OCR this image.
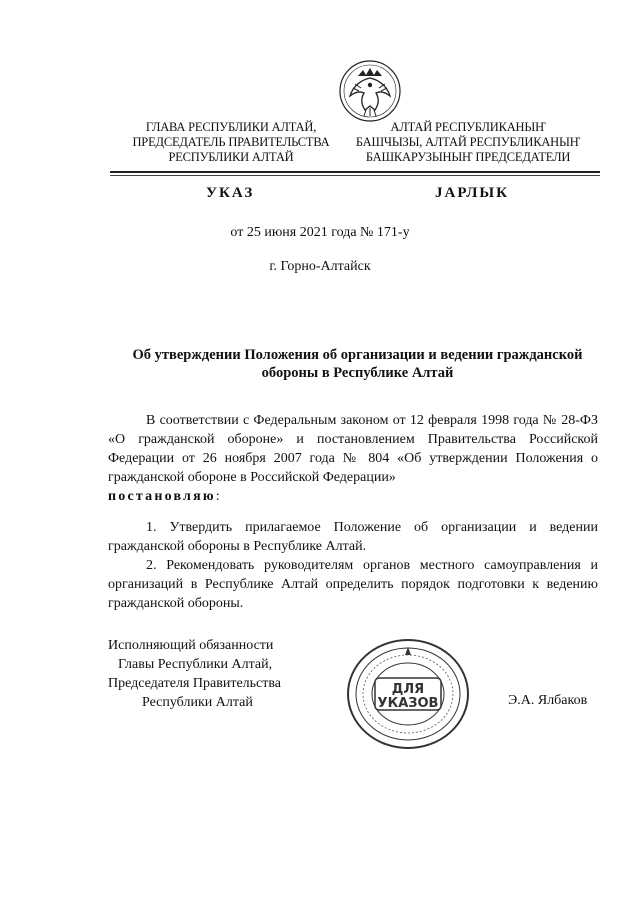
ГЛАВА РЕСПУБЛИКИ АЛТАЙ,
ПРЕДСЕДАТЕЛЬ ПРАВИТЕЛЬСТВА
РЕСПУБЛИКИ АЛТАЙ
АЛТАЙ РЕСПУБЛИКАНЫҤ
БАШЧЫЗЫ, АЛТАЙ РЕСПУБЛИКАНЫҤ
БАШКАРУЗЫНЫҤ ПРЕДСЕДАТЕЛИ
УКАЗ	ЈАРЛЫК
от 25 июня 2021 года № 171-у
г. Горно-Алтайск
Об утверждении Положения об организации и ведении гражданской
обороны в Республике Алтай
В соответствии с Федеральным законом от 12 февраля 1998 года № 28-ФЗ «О гражданской обороне» и постановлением Правительства Российской Федерации от 26 ноября 2007 года № 804 «Об утверждении Положения о гражданской обороне в Российской Федерации»
постановляю:

1. Утвердить прилагаемое Положение об организации и ведении гражданской обороны в Республике Алтай.

2. Рекомендовать руководителям органов местного самоуправления и организаций в Республике Алтай определить порядок подготовки к ведению гражданской обороны.

Исполняющий обязанности
Главы Республики Алтай,
Председателя Правительства
Республики Алтай
ДЛЯ
УКАЗОВ	Э.А. Ялбаков
